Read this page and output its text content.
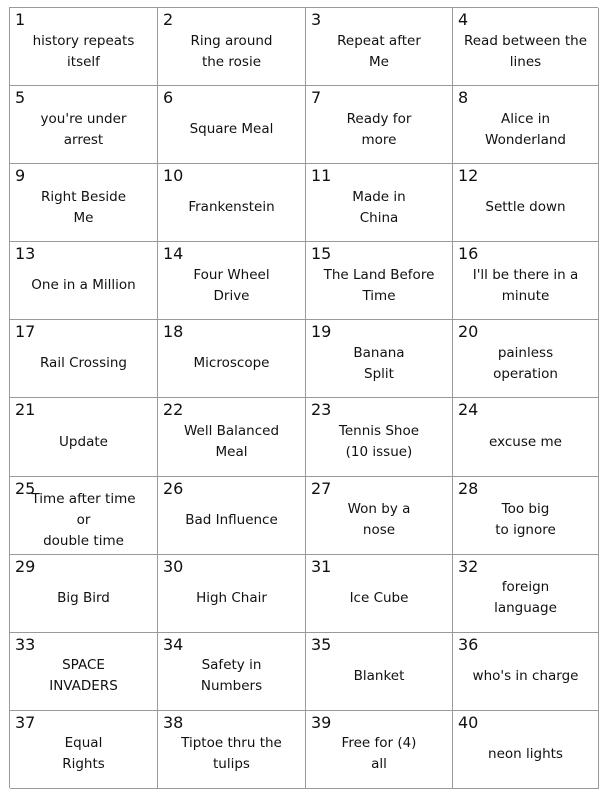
1
history repeats
itself
2
Ring around
the rosie
3
Repeat after
Me
4
Read between the
lines
5
you're under
arrest
6
Square Meal
7
Ready for
more
8
Alice in
Wonderland
9
Right Beside
Me
10
Frankenstein
11
Made in
China
12
Settle down
13
One in a Million
14
Four Wheel
Drive
15
The Land Before
Time
16
I'll be there in a
minute
17
Rail Crossing
18
Microscope
19
Banana
Split
20
painless
operation
21
Update
22
Well Balanced
Meal
23
Tennis Shoe
(10 issue)
24
excuse me
25
Time after time
or
double time
26
Bad Influence
27
Won by a
nose
28
Too big
to ignore
29
Big Bird
30
High Chair
31
Ice Cube
32
foreign
language
33
SPACE
INVADERS
34
Safety in
Numbers
35
Blanket
36
who's in charge
37
Equal
Rights
38
Tiptoe thru the
tulips
39
Free for (4)
all
40
neon lights
